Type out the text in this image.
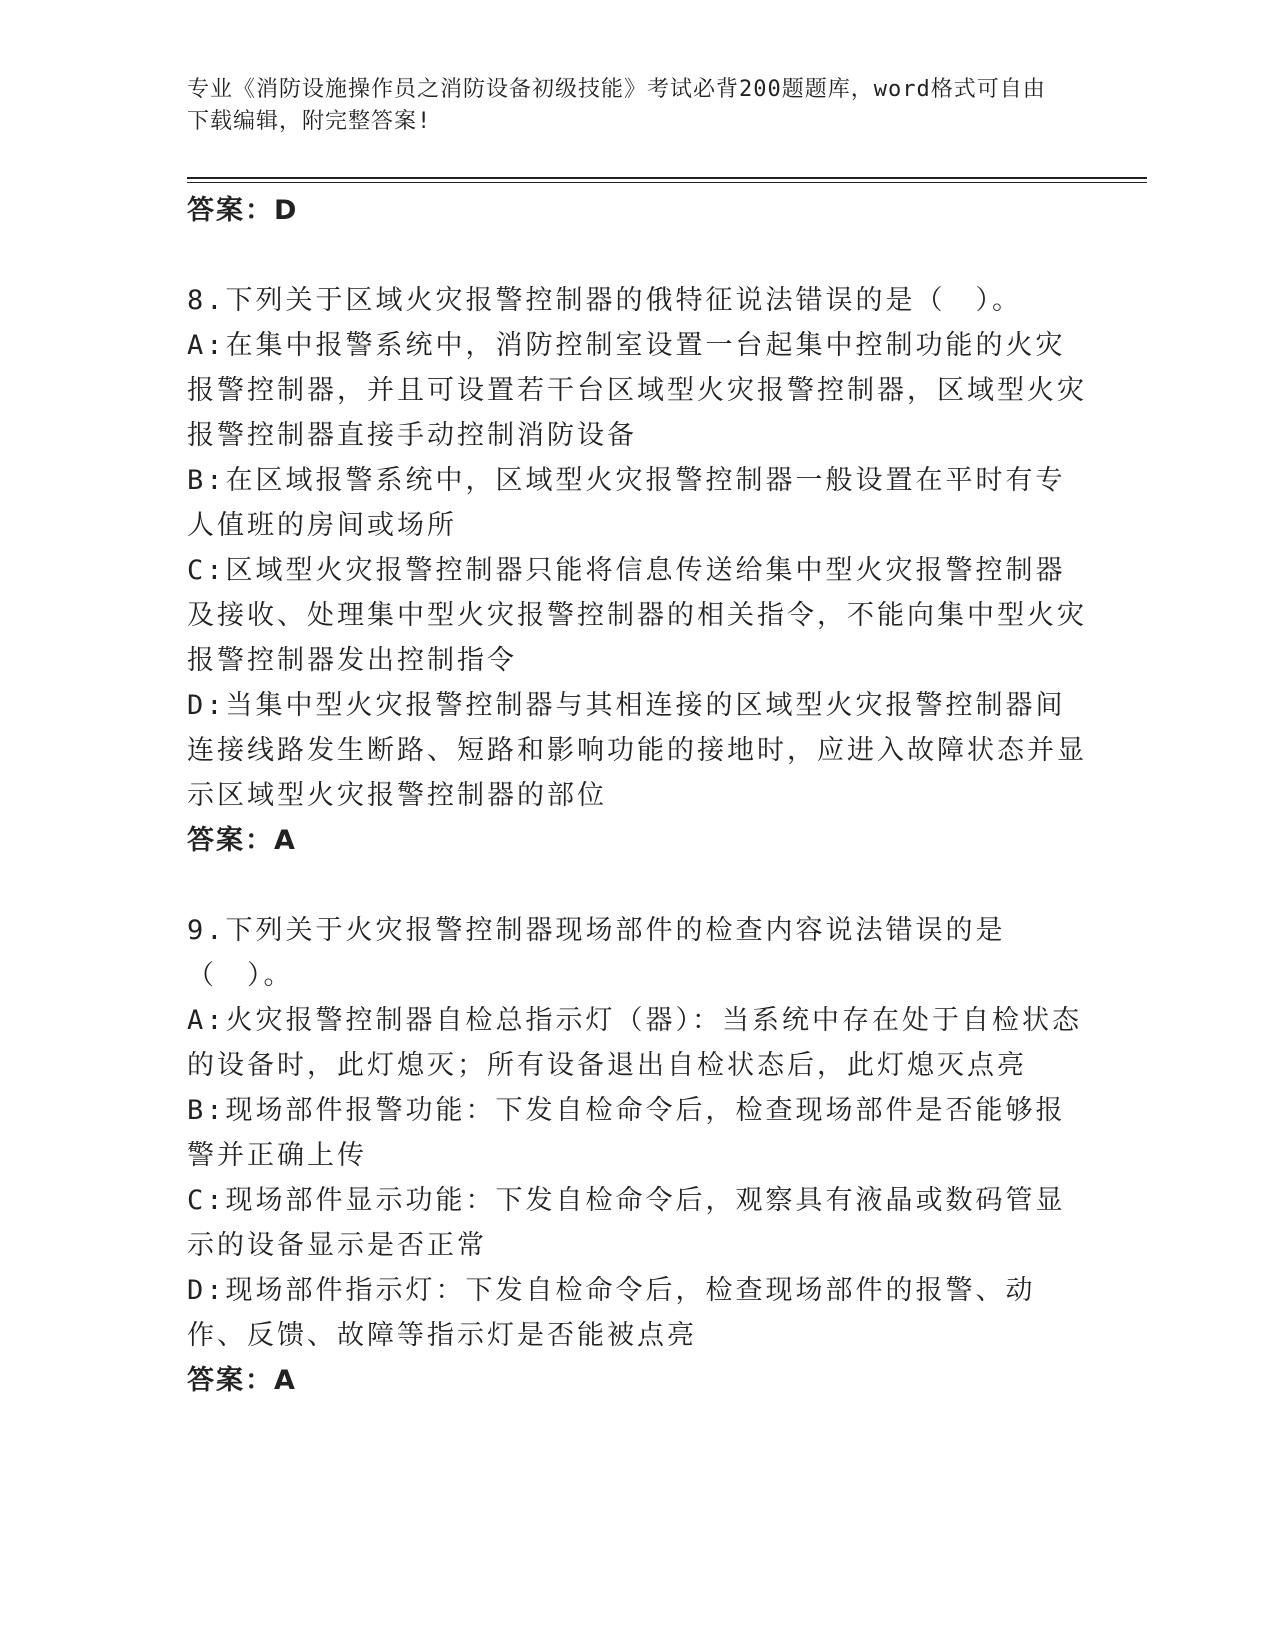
专业《消防设施操作员之消防设备初级技能》考试必背200题题库，word格式可自由下载编辑，附完整答案!

答案：D

8.下列关于区域火灾报警控制器的俄特征说法错误的是（　）。

A:在集中报警系统中，消防控制室设置一台起集中控制功能的火灾报警控制器，并且可设置若干台区域型火灾报警控制器，区域型火灾报警控制器直接手动控制消防设备

B:在区域报警系统中，区域型火灾报警控制器一般设置在平时有专人值班的房间或场所

C:区域型火灾报警控制器只能将信息传送给集中型火灾报警控制器及接收、处理集中型火灾报警控制器的相关指令，不能向集中型火灾报警控制器发出控制指令

D:当集中型火灾报警控制器与其相连接的区域型火灾报警控制器间连接线路发生断路、短路和影响功能的接地时，应进入故障状态并显示区域型火灾报警控制器的部位

答案：A

9.下列关于火灾报警控制器现场部件的检查内容说法错误的是（　）。

A:火灾报警控制器自检总指示灯（器）：当系统中存在处于自检状态的设备时，此灯熄灭；所有设备退出自检状态后，此灯熄灭点亮

B:现场部件报警功能：下发自检命令后，检查现场部件是否能够报警并正确上传

C:现场部件显示功能：下发自检命令后，观察具有液晶或数码管显示的设备显示是否正常

D:现场部件指示灯：下发自检命令后，检查现场部件的报警、动作、反馈、故障等指示灯是否能被点亮

答案：A
